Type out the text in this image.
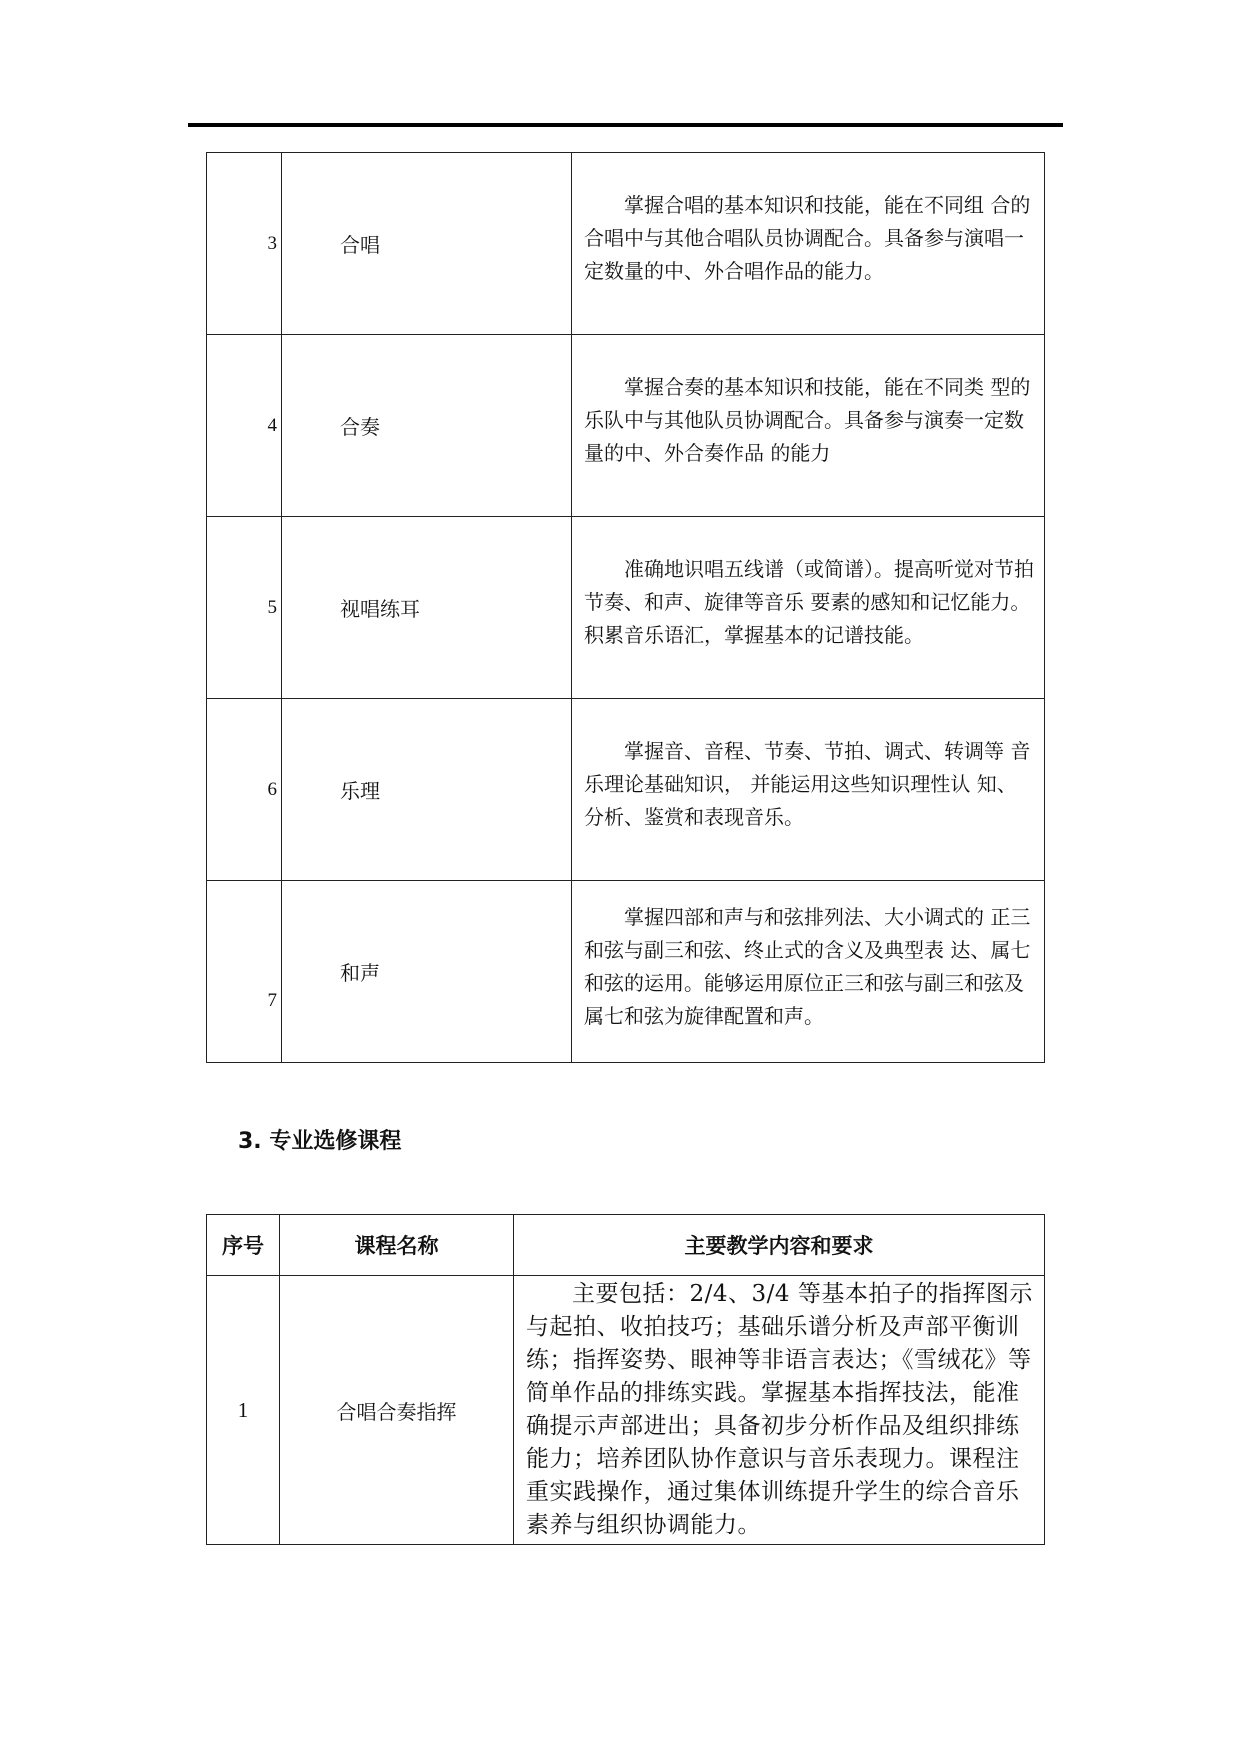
3	合唱	掌握合唱的基本知识和技能，能在不同组 合的合唱中与其他合唱队员协调配合。具备参与演唱一定数量的中、外合唱作品的能力。
4	合奏	掌握合奏的基本知识和技能，能在不同类 型的乐队中与其他队员协调配合。具备参与演奏一定数量的中、外合奏作品 的能力
5	视唱练耳	准确地识唱五线谱（或简谱）。提高听觉对节拍节奏、和声、旋律等音乐 要素的感知和记忆能力。积累音乐语汇，掌握基本的记谱技能。
6	乐理	掌握音、音程、节奏、节拍、调式、转调等 音乐理论基础知识， 并能运用这些知识理性认 知、分析、鉴赏和表现音乐。
7	和声	掌握四部和声与和弦排列法、大小调式的 正三和弦与副三和弦、终止式的含义及典型表 达、属七和弦的运用。能够运用原位正三和弦与副三和弦及属七和弦为旋律配置和声。
3. 专业选修课程
序号	课程名称	主要教学内容和要求
1	合唱合奏指挥	主要包括：2/4、3/4 等基本拍子的指挥图示与起拍、收拍技巧；基础乐谱分析及声部平衡训练；指挥姿势、眼神等非语言表达；《雪绒花》等简单作品的排练实践。掌握基本指挥技法，能准确提示声部进出；具备初步分析作品及组织排练能力；培养团队协作意识与音乐表现力。课程注重实践操作，通过集体训练提升学生的综合音乐素养与组织协调能力。
